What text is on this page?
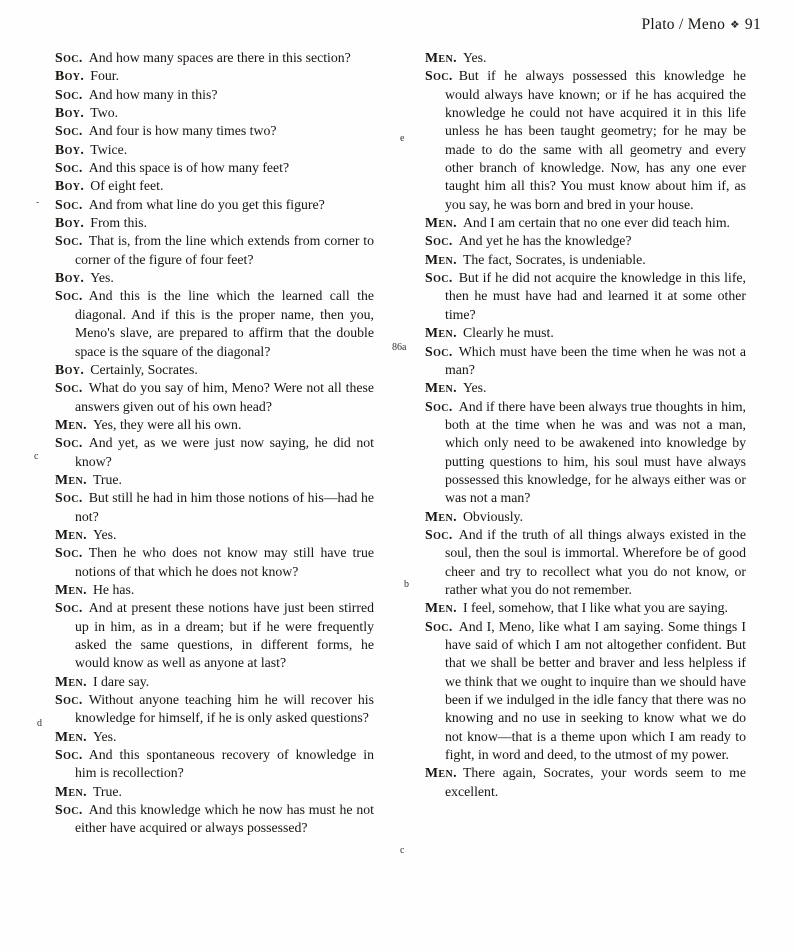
Plato / Meno ❖ 91

Soc. And how many spaces are there in this section?

Boy. Four.

Soc. And how many in this?

Boy. Two.

Soc. And four is how many times two?

Boy. Twice.

Soc. And this space is of how many feet?

Boy. Of eight feet.

Soc. And from what line do you get this figure?

Boy. From this.

Soc. That is, from the line which extends from corner to corner of the figure of four feet?

Boy. Yes.

Soc. And this is the line which the learned call the diagonal. And if this is the proper name, then you, Meno's slave, are prepared to affirm that the double space is the square of the diagonal?

Boy. Certainly, Socrates.

Soc. What do you say of him, Meno? Were not all these answers given out of his own head?

Men. Yes, they were all his own.

Soc. And yet, as we were just now saying, he did not know?

Men. True.

Soc. But still he had in him those notions of his—had he not?

Men. Yes.

Soc. Then he who does not know may still have true notions of that which he does not know?

Men. He has.

Soc. And at present these notions have just been stirred up in him, as in a dream; but if he were frequently asked the same questions, in different forms, he would know as well as anyone at last?

Men. I dare say.

Soc. Without anyone teaching him he will recover his knowledge for himself, if he is only asked questions?

Men. Yes.

Soc. And this spontaneous recovery of knowledge in him is recollection?

Men. True.

Soc. And this knowledge which he now has must he not either have acquired or always possessed?

Men. Yes.

Soc. But if he always possessed this knowledge he would always have known; or if he has acquired the knowledge he could not have acquired it in this life unless he has been taught geometry; for he may be made to do the same with all geometry and every other branch of knowledge. Now, has any one ever taught him all this? You must know about him if, as you say, he was born and bred in your house.

Men. And I am certain that no one ever did teach him.

Soc. And yet he has the knowledge?

Men. The fact, Socrates, is undeniable.

Soc. But if he did not acquire the knowledge in this life, then he must have had and learned it at some other time?

Men. Clearly he must.

Soc. Which must have been the time when he was not a man?

Men. Yes.

Soc. And if there have been always true thoughts in him, both at the time when he was and was not a man, which only need to be awakened into knowledge by putting questions to him, his soul must have always possessed this knowledge, for he always either was or was not a man?

Men. Obviously.

Soc. And if the truth of all things always existed in the soul, then the soul is immortal. Wherefore be of good cheer and try to recollect what you do not know, or rather what you do not remember.

Men. I feel, somehow, that I like what you are saying.

Soc. And I, Meno, like what I am saying. Some things I have said of which I am not altogether confident. But that we shall be better and braver and less helpless if we think that we ought to inquire than we should have been if we indulged in the idle fancy that there was no knowing and no use in seeking to know what we do not know—that is a theme upon which I am ready to fight, in word and deed, to the utmost of my power.

Men. There again, Socrates, your words seem to me excellent.

-
c
d
e
86a
b
c
